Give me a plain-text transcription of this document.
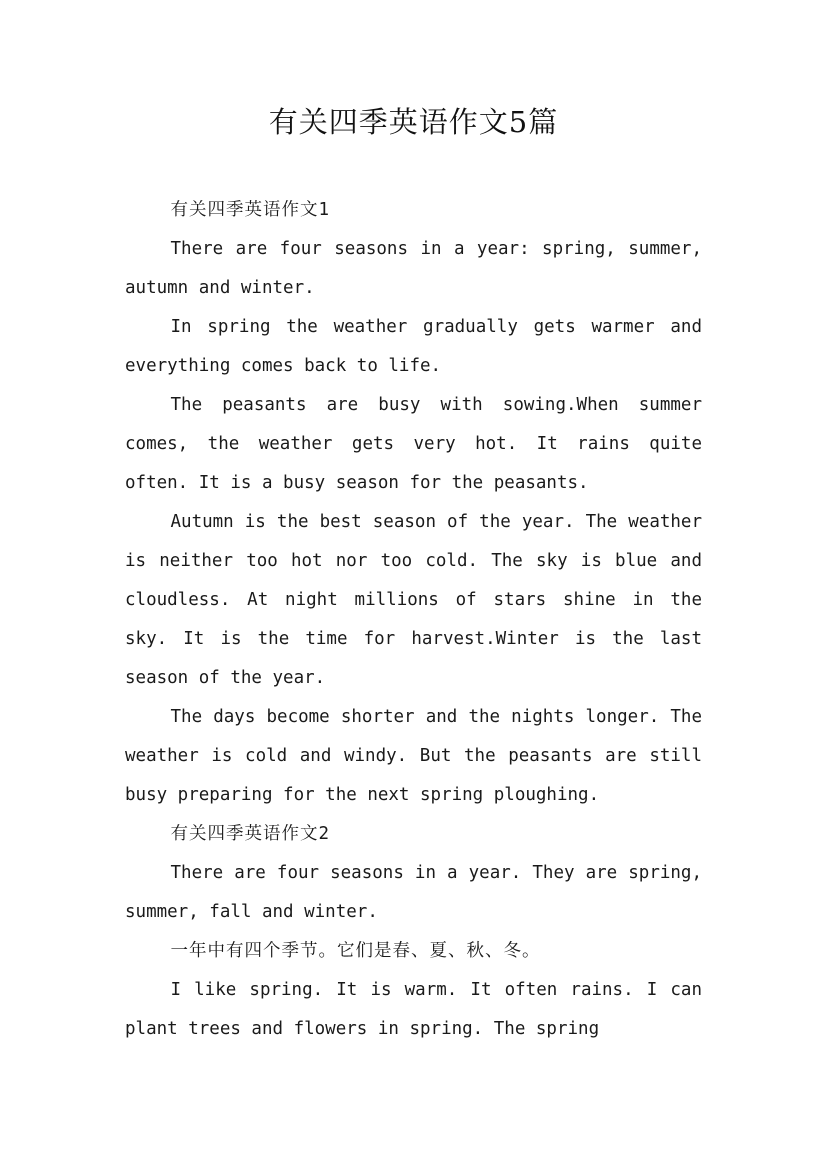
有关四季英语作文5篇

有关四季英语作文1

There are four seasons in a year: spring, summer, autumn and winter.

In spring the weather gradually gets warmer and everything comes back to life.

The peasants are busy with sowing.When summer comes, the weather gets very hot. It rains quite often. It is a busy season for the peasants.

Autumn is the best season of the year. The weather is neither too hot nor too cold. The sky is blue and cloudless. At night millions of stars shine in the sky. It is the time for harvest.Winter is the last season of the year.

The days become shorter and the nights longer. The weather is cold and windy. But the peasants are still busy preparing for the next spring ploughing.

有关四季英语作文2

There are four seasons in a year. They are spring, summer, fall and winter.

一年中有四个季节。它们是春、夏、秋、冬。

I like spring. It is warm. It often rains. I can plant trees and flowers in spring. The spring
